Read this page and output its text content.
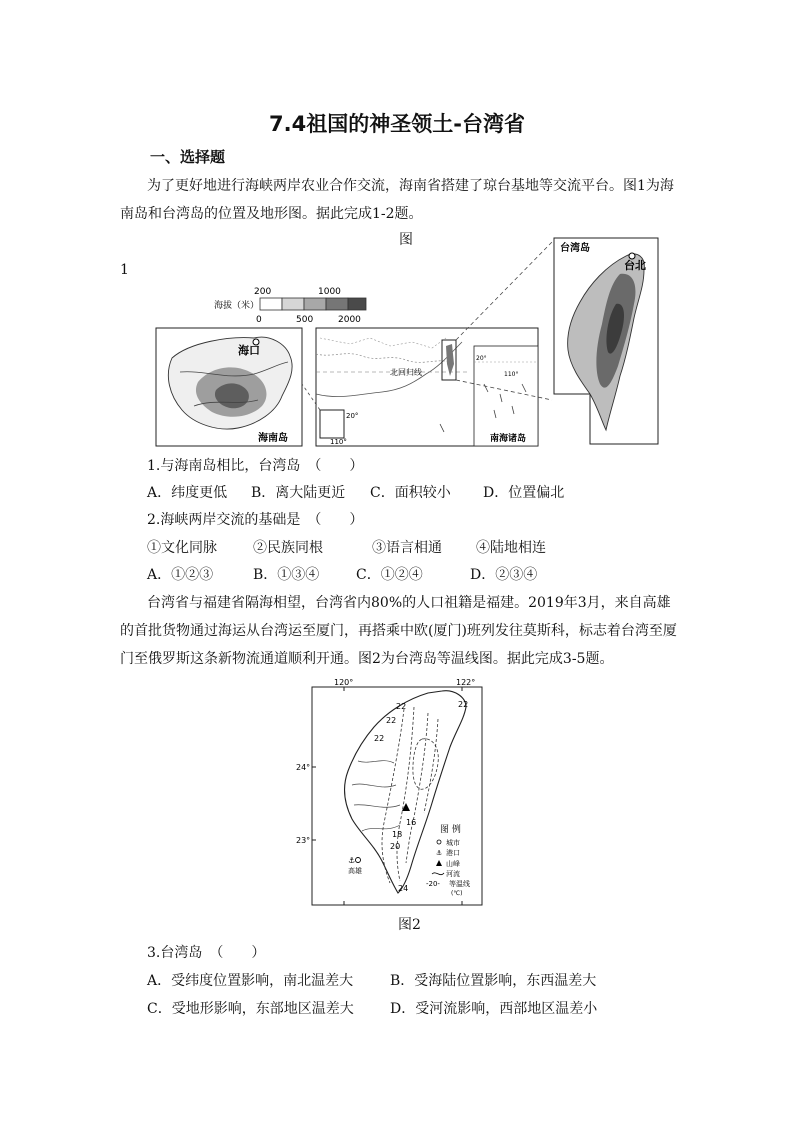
7.4祖国的神圣领土-台湾省
一、选择题
为了更好地进行海峡两岸农业合作交流，海南省搭建了琼台基地等交流平台。图1为海
南岛和台湾岛的位置及地形图。据此完成1-2题。
图
1
海拔（米）
200	1000
0	500	2000
海口
海南岛
北回归线
20°
110°
20°
110°
南海诸岛
台北
台湾岛
1.与海南岛相比，台湾岛　（　　）
A．纬度更低 B．离大陆更近 C．面积较小 D．位置偏北
2.海峡两岸交流的基础是　（　　）
①文化同脉	②民族同根	③语言相通 ④陆地相连
A．①②③	B．①③④	C．①②④	D．②③④
台湾省与福建省隔海相望，台湾省内80%的人口祖籍是福建。2019年3月，来自高雄
的首批货物通过海运从台湾运至厦门，再搭乘中欧(厦门)班列发往莫斯科，标志着台湾至厦
门至俄罗斯这条新物流通道顺利开通。图2为台湾岛等温线图。据此完成3-5题。
120°	122°
24°
23°
22	22
22
22
16
18
20
24
⚓
高雄
图 例
城市
⚓ 港口
山峰
河流
-20- 等温线
(℃)
图2
3.台湾岛　（　　）
A．受纬度位置影响，南北温差大	B．受海陆位置影响，东西温差大
C．受地形影响，东部地区温差大	D．受河流影响，西部地区温差小
